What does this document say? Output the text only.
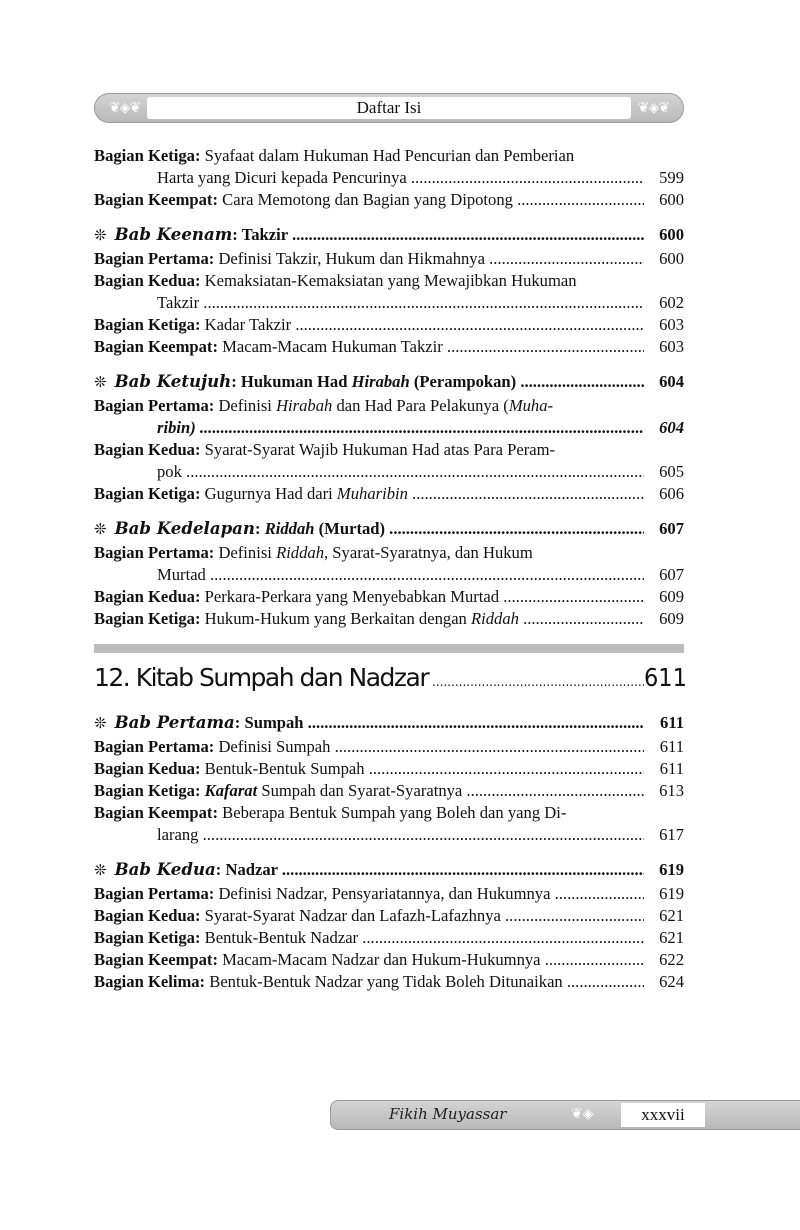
❦◈❦	Daftar Isi	❦◈❦
Bagian Ketiga: Syafaat dalam Hukuman Had Pencurian dan Pemberian
Harta yang Dicuri kepada Pencurinya .....	599
Bagian Keempat: Cara Memotong dan Bagian yang Dipotong .....	600
❊ Bab Keenam: Takzir .....	600
Bagian Pertama: Definisi Takzir, Hukum dan Hikmahnya .....	600
Bagian Kedua: Kemaksiatan-Kemaksiatan yang Mewajibkan Hukuman
Takzir .....	602
Bagian Ketiga: Kadar Takzir .....	603
Bagian Keempat: Macam-Macam Hukuman Takzir .....	603
❊ Bab Ketujuh: Hukuman Had Hirabah (Perampokan) .....	604
Bagian Pertama: Definisi Hirabah dan Had Para Pelakunya (Muha-
ribin) .....	604
Bagian Kedua: Syarat-Syarat Wajib Hukuman Had atas Para Peram-
pok .....	605
Bagian Ketiga: Gugurnya Had dari Muharibin .....	606
❊ Bab Kedelapan: Riddah (Murtad) .....	607
Bagian Pertama: Definisi Riddah, Syarat-Syaratnya, dan Hukum
Murtad .....	607
Bagian Kedua: Perkara-Perkara yang Menyebabkan Murtad .....	609
Bagian Ketiga: Hukum-Hukum yang Berkaitan dengan Riddah .....	609
12. Kitab Sumpah dan Nadzar .....	611
❊ Bab Pertama: Sumpah .....	611
Bagian Pertama: Definisi Sumpah .....	611
Bagian Kedua: Bentuk-Bentuk Sumpah .....	611
Bagian Ketiga: Kafarat Sumpah dan Syarat-Syaratnya .....	613
Bagian Keempat: Beberapa Bentuk Sumpah yang Boleh dan yang Di-
larang .....	617
❊ Bab Kedua: Nadzar .....	619
Bagian Pertama: Definisi Nadzar, Pensyariatannya, dan Hukumnya .....	619
Bagian Kedua: Syarat-Syarat Nadzar dan Lafazh-Lafazhnya .....	621
Bagian Ketiga: Bentuk-Bentuk Nadzar .....	621
Bagian Keempat: Macam-Macam Nadzar dan Hukum-Hukumnya .....	622
Bagian Kelima: Bentuk-Bentuk Nadzar yang Tidak Boleh Ditunaikan .....	624
Fikih Muyassar	❦◈	xxxvii
